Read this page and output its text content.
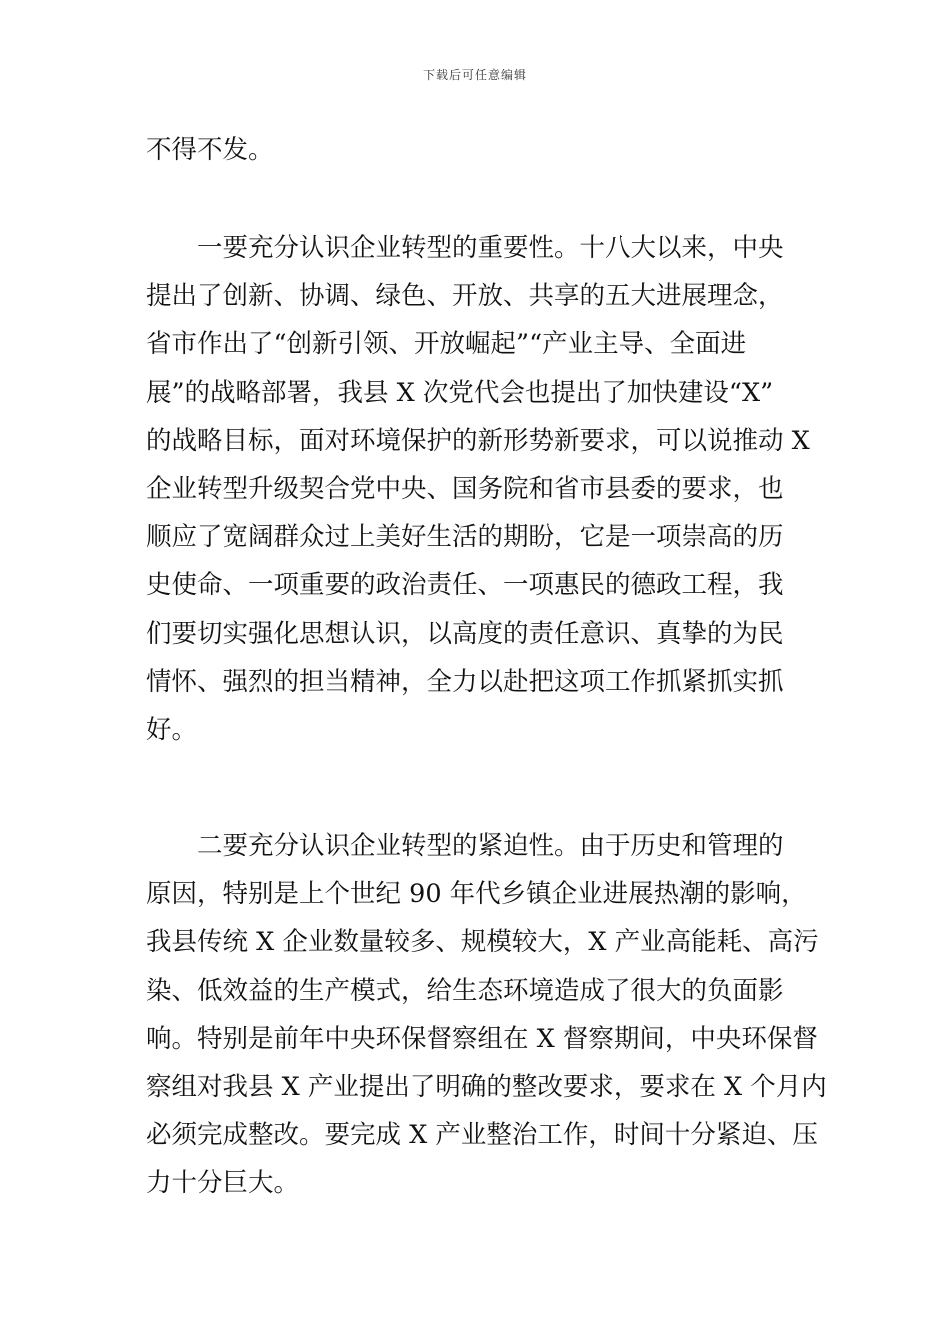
下载后可任意编辑
不得不发。
一要充分认识企业转型的重要性。十八大以来，中央
提出了创新、协调、绿色、开放、共享的五大进展理念，
省市作出了“创新引领、开放崛起”“产业主导、全面进
展”的战略部署，我县 X 次党代会也提出了加快建设“X”
的战略目标，面对环境保护的新形势新要求，可以说推动 X
企业转型升级契合党中央、国务院和省市县委的要求，也
顺应了宽阔群众过上美好生活的期盼，它是一项崇高的历
史使命、一项重要的政治责任、一项惠民的德政工程，我
们要切实强化思想认识，以高度的责任意识、真挚的为民
情怀、强烈的担当精神，全力以赴把这项工作抓紧抓实抓
好。
二要充分认识企业转型的紧迫性。由于历史和管理的
原因，特别是上个世纪 90 年代乡镇企业进展热潮的影响，
我县传统 X 企业数量较多、规模较大，X 产业高能耗、高污
染、低效益的生产模式，给生态环境造成了很大的负面影
响。特别是前年中央环保督察组在 X 督察期间，中央环保督
察组对我县 X 产业提出了明确的整改要求，要求在 X 个月内
必须完成整改。要完成 X 产业整治工作，时间十分紧迫、压
力十分巨大。
